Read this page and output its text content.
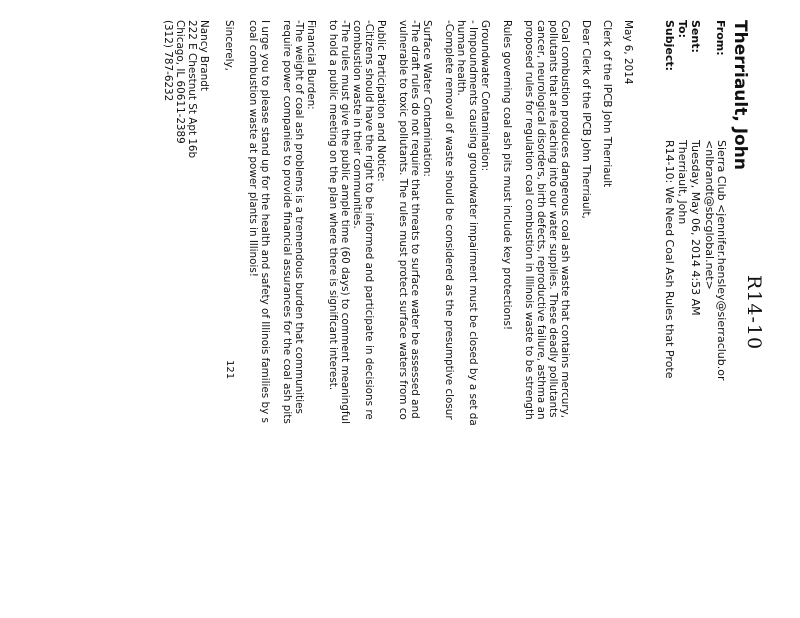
R14-10
Therriault, John
From:
Sierra Club <jennifer.hensley@sierraclub.or
<nlbrandt@sbcglobal.net>
Sent:
Tuesday, May 06, 2014 4:53 AM
To:
Therriault, John
Subject:
R14-10: We Need Coal Ash Rules that Prote
May 6, 2014
Clerk of the IPCB John Therriault
Dear Clerk of the IPCB John Therriault,
Coal combustion produces dangerous coal ash waste that contains mercury,
pollutants that are leaching into our water supplies. These deadly pollutants
cancer, neurological disorders, birth defects, reproductive failure, asthma an
proposed rules for regulation coal combustion in Illinois waste to be strength
Rules governing coal ash pits must include key protections!
Groundwater Contamination:
- Impoundments causing groundwater impairment must be closed by a set da
human health.
-Complete removal of waste should be considered as the presumptive closur
Surface Water Contamination:
-The draft rules do not require that threats to surface water be assessed and
vulnerable to toxic pollutants. The rules must protect surface waters from co
Public Participation and Notice:
-Citizens should have the right to be informed and participate in decisions re
combustion waste in their communities.
-The rules must give the public ample time (60 days) to comment meaningful
to hold a public meeting on the plan where there is significant interest.
Financial Burden:
-The weight of coal ash problems is a tremendous burden that communities
require power companies to provide financial assurances for the coal ash pits
I urge you to please stand up for the health and safety of Illinois families by s
coal combustion waste at power plants in Illinois!
Sincerely,
Nancy Brandt
222 E Chestnut St Apt 16b
Chicago, IL 60611-2389
(312) 787-6232
121
